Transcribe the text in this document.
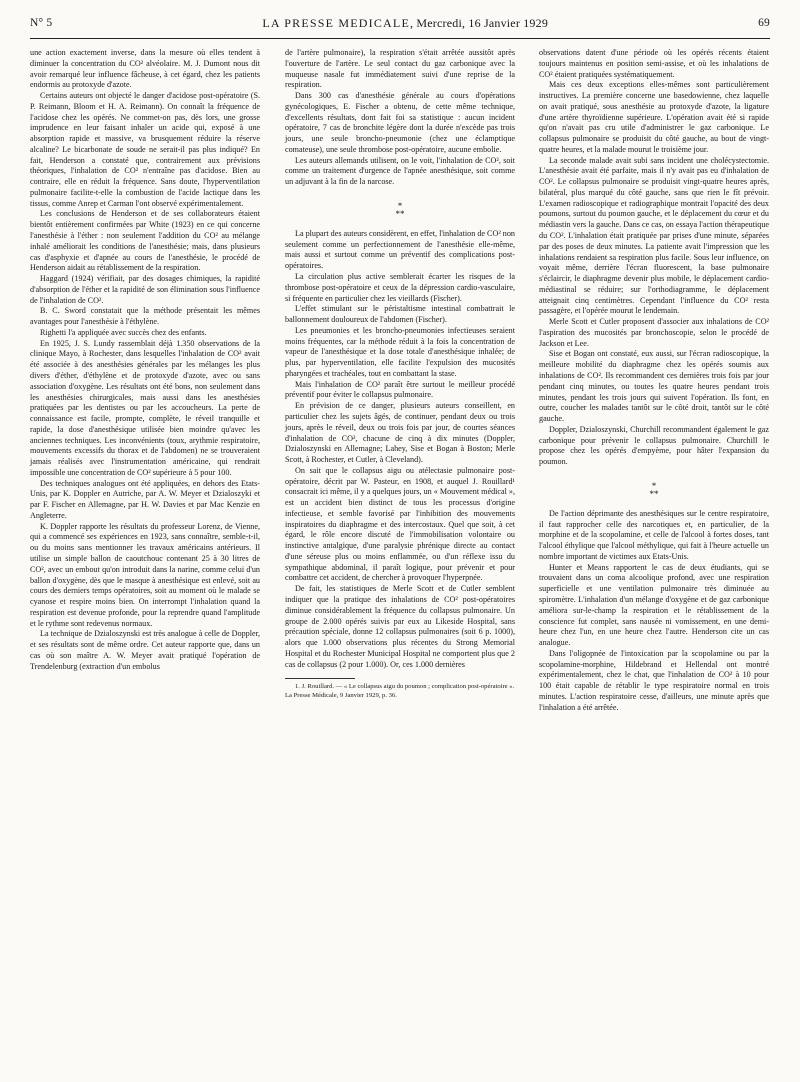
N° 5	LA PRESSE MEDICALE, Mercredi, 16 Janvier 1929	69

une action exactement inverse, dans la mesure où elles tendent à diminuer la concentration du CO² alvéolaire. M. J. Dumont nous dit avoir remarqué leur influence fâcheuse, à cet égard, chez les patients endormis au protoxyde d'azote.

Certains auteurs ont objecté le danger d'acidose post-opératoire (S. P. Reimann, Bloom et H. A. Reimann). On connaît la fréquence de l'acidose chez les opérés. Ne commet-on pas, dès lors, une grosse imprudence en leur faisant inhaler un acide qui, exposé à une absorption rapide et massive, va brusquement réduire la réserve alcaline? Le bicarbonate de soude ne serait-il pas plus indiqué? En fait, Henderson a constaté que, contrairement aux prévisions théoriques, l'inhalation de CO² n'entraîne pas d'acidose. Bien au contraire, elle en réduit la fréquence. Sans doute, l'hyperventilation pulmonaire facilite-t-elle la combustion de l'acide lactique dans les tissus, comme Anrep et Carman l'ont observé expérimentalement.

Les conclusions de Henderson et de ses collaborateurs étaient bientôt entièrement confirmées par White (1923) en ce qui concerne l'anesthésie à l'éther : non seulement l'addition du CO² au mélange inhalé améliorait les conditions de l'anesthésie; mais, dans plusieurs cas d'asphyxie et d'apnée au cours de l'anesthésie, le procédé de Henderson aidait au rétablissement de la respiration.

Haggard (1924) vérifiait, par des dosages chimiques, la rapidité d'absorption de l'éther et la rapidité de son élimination sous l'influence de l'inhalation de CO².

B. C. Sword constatait que la méthode présentait les mêmes avantages pour l'anesthésie à l'éthylène.

Righetti l'a appliquée avec succès chez des enfants.

En 1925, J. S. Lundy rassemblait déjà 1.350 observations de la clinique Mayo, à Rochester, dans lesquelles l'inhalation de CO² avait été associée à des anesthésies générales par les mélanges les plus divers d'éther, d'éthylène et de protoxyde d'azote, avec ou sans association d'oxygène. Les résultats ont été bons, non seulement dans les anesthésies chirurgicales, mais aussi dans les anesthésies pratiquées par les dentistes ou par les accoucheurs. La perte de connaissance est facile, prompte, complète, le réveil tranquille et rapide, la dose d'anesthésique utilisée bien moindre qu'avec les anciennes techniques. Les inconvénients (toux, arythmie respiratoire, mouvements excessifs du thorax et de l'abdomen) ne se trouveraient jamais réalisés avec l'instrumentation américaine, qui rendrait impossible une concentration de CO² supérieure à 5 pour 100.

Des techniques analogues ont été appliquées, en dehors des Etats-Unis, par K. Doppler en Autriche, par A. W. Meyer et Dzialoszyki et par F. Fischer en Allemagne, par H. W. Davies et par Mac Kenzie en Angleterre.

K. Doppler rapporte les résultats du professeur Lorenz, de Vienne, qui a commencé ses expériences en 1923, sans connaître, semble-t-il, ou du moins sans mentionner les travaux américains antérieurs. Il utilise un simple ballon de caoutchouc contenant 25 à 30 litres de CO², avec un embout qu'on introduit dans la narine, comme celui d'un ballon d'oxygène, dès que le masque à anesthésique est enlevé, soit au cours des derniers temps opératoires, soit au moment où le malade se cyanose et respire moins bien. On interrompt l'inhalation quand la respiration est devenue profonde, pour la reprendre quand l'amplitude et le rythme sont redevenus normaux.

La technique de Dzialoszynski est très analogue à celle de Doppler, et ses résultats sont de même ordre. Cet auteur rapporte que, dans un cas où son maître A. W. Meyer avait pratiqué l'opération de Trendelenburg (extraction d'un embolus

de l'artère pulmonaire), la respiration s'était arrêtée aussitôt après l'ouverture de l'artère. Le seul contact du gaz carbonique avec la muqueuse nasale fut immédiatement suivi d'une reprise de la respiration.

Dans 300 cas d'anesthésie générale au cours d'opérations gynécologiques, E. Fischer a obtenu, de cette même technique, d'excellents résultats, dont fait foi sa statistique : aucun incident opératoire, 7 cas de bronchite légère dont la durée n'excède pas trois jours, une seule broncho-pneumonie (chez une éclamptique comateuse), une seule thrombose post-opératoire, aucune embolie.

Les auteurs allemands utilisent, on le voit, l'inhalation de CO², soit comme un traitement d'urgence de l'apnée anesthésique, soit comme un adjuvant à la fin de la narcose.

*
**

La plupart des auteurs considèrent, en effet, l'inhalation de CO² non seulement comme un perfectionnement de l'anesthésie elle-même, mais aussi et surtout comme un préventif des complications post-opératoires.

La circulation plus active semblerait écarter les risques de la thrombose post-opératoire et ceux de la dépression cardio-vasculaire, si fréquente en particulier chez les vieillards (Fischer).

L'effet stimulant sur le péristaltisme intestinal combattrait le ballonnement douloureux de l'abdomen (Fischer).

Les pneumonies et les broncho-pneumonies infectieuses seraient moins fréquentes, car la méthode réduit à la fois la concentration de vapeur de l'anesthésique et la dose totale d'anesthésique inhalée; de plus, par hyperventilation, elle facilite l'expulsion des mucosités pharyngées et trachéales, tout en combattant la stase.

Mais l'inhalation de CO² paraît être surtout le meilleur procédé préventif pour éviter le collapsus pulmonaire.

En prévision de ce danger, plusieurs auteurs conseillent, en particulier chez les sujets âgés, de continuer, pendant deux ou trois jours, après le réveil, deux ou trois fois par jour, de courtes séances d'inhalation de CO², chacune de cinq à dix minutes (Doppler, Dzialoszynski en Allemagne; Lahey, Sise et Bogan à Boston; Merle Scott, à Rochester, et Cutler, à Cleveland).

On sait que le collapsus aigu ou atélectasie pulmonaire post-opératoire, décrit par W. Pasteur, en 1908, et auquel J. Rouillard¹ consacrait ici même, il y a quelques jours, un « Mouvement médical », est un accident bien distinct de tous les processus d'origine infectieuse, et semble favorisé par l'inhibition des mouvements inspiratoires du diaphragme et des intercostaux. Quel que soit, à cet égard, le rôle encore discuté de l'immobilisation volontaire ou instinctive antalgique, d'une paralysie phrénique directe au contact d'une séreuse plus ou moins enflammée, ou d'un réflexe issu du sympathique abdominal, il paraît logique, pour prévenir et pour combattre cet accident, de chercher à provoquer l'hyperpnée.

De fait, les statistiques de Merle Scott et de Cutler semblent indiquer que la pratique des inhalations de CO² post-opératoires diminue considérablement la fréquence du collapsus pulmonaire. Un groupe de 2.000 opérés suivis par eux au Likeside Hospital, sans précaution spéciale, donne 12 collapsus pulmonaires (soit 6 p. 1000), alors que 1.000 observations plus récentes du Strong Memorial Hospital et du Rochester Municipal Hospital ne comportent plus que 2 cas de collapsus (2 pour 1.000). Or, ces 1.000 dernières

1. J. Rouillard. — « Le collapsus aigu du poumon ; complication post-opératoire ». La Presse Médicale, 9 Janvier 1929, p. 36.

observations datent d'une période où les opérés récents étaient toujours maintenus en position semi-assise, et où les inhalations de CO² étaient pratiquées systématiquement.

Mais ces deux exceptions elles-mêmes sont particulièrement instructives. La première concerne une basedowienne, chez laquelle on avait pratiqué, sous anesthésie au protoxyde d'azote, la ligature d'une artère thyroïdienne supérieure. L'opération avait été si rapide qu'on n'avait pas cru utile d'administrer le gaz carbonique. Le collapsus pulmonaire se produisit du côté gauche, au bout de vingt-quatre heures, et la malade mourut le troisième jour.

La seconde malade avait subi sans incident une cholécystectomie. L'anesthésie avait été parfaite, mais il n'y avait pas eu d'inhalation de CO². Le collapsus pulmonaire se produisit vingt-quatre heures après, bilatéral, plus marqué du côté gauche, sans que rien le fît prévoir. L'examen radioscopique et radiographique montrait l'opacité des deux poumons, surtout du poumon gauche, et le déplacement du cœur et du médiastin vers la gauche. Dans ce cas, on essaya l'action thérapeutique du CO². L'inhalation était pratiquée par prises d'une minute, séparées par des poses de deux minutes. La patiente avait l'impression que les inhalations rendaient sa respiration plus facile. Sous leur influence, on voyait même, derrière l'écran fluorescent, la base pulmonaire s'éclaircir, le diaphragme devenir plus mobile, le déplacement cardio-médiastinal se réduire; sur l'orthodiagramme, le déplacement atteignait cinq centimètres. Cependant l'influence du CO² resta passagère, et l'opérée mourut le lendemain.

Merle Scott et Cutler proposent d'associer aux inhalations de CO² l'aspiration des mucosités par bronchoscopie, selon le procédé de Jackson et Lee.

Sise et Bogan ont constaté, eux aussi, sur l'écran radioscopique, la meilleure mobilité du diaphragme chez les opérés soumis aux inhalations de CO². Ils recommandent ces dernières trois fois par jour pendant cinq minutes, ou toutes les quatre heures pendant trois minutes, pendant les trois jours qui suivent l'opération. Ils font, en outre, coucher les malades tantôt sur le côté droit, tantôt sur le côté gauche.

Doppler, Dzialoszynski, Churchill recommandent également le gaz carbonique pour prévenir le collapsus pulmonaire. Churchill le propose chez les opérés d'empyème, pour hâter l'expansion du poumon.

*
**

De l'action déprimante des anesthésiques sur le centre respiratoire, il faut rapprocher celle des narcotiques et, en particulier, de la morphine et de la scopolamine, et celle de l'alcool à fortes doses, tant l'alcool éthylique que l'alcool méthylique, qui fait à l'heure actuelle un nombre important de victimes aux Etats-Unis.

Hunter et Means rapportent le cas de deux étudiants, qui se trouvaient dans un coma alcoolique profond, avec une respiration superficielle et une ventilation pulmonaire très diminuée au spiromètre. L'inhalation d'un mélange d'oxygène et de gaz carbonique améliora sur-le-champ la respiration et le rétablissement de la conscience fut complet, sans nausée ni vomissement, en une demi-heure chez l'un, en une heure chez l'autre. Henderson cite un cas analogue.

Dans l'oligopnée de l'intoxication par la scopolamine ou par la scopolamine-morphine, Hildebrand et Hellendal ont montré expérimentalement, chez le chat, que l'inhalation de CO² à 10 pour 100 était capable de rétablir le type respiratoire normal en trois minutes. L'action respiratoire cesse, d'ailleurs, une minute après que l'inhalation a été arrêtée.
